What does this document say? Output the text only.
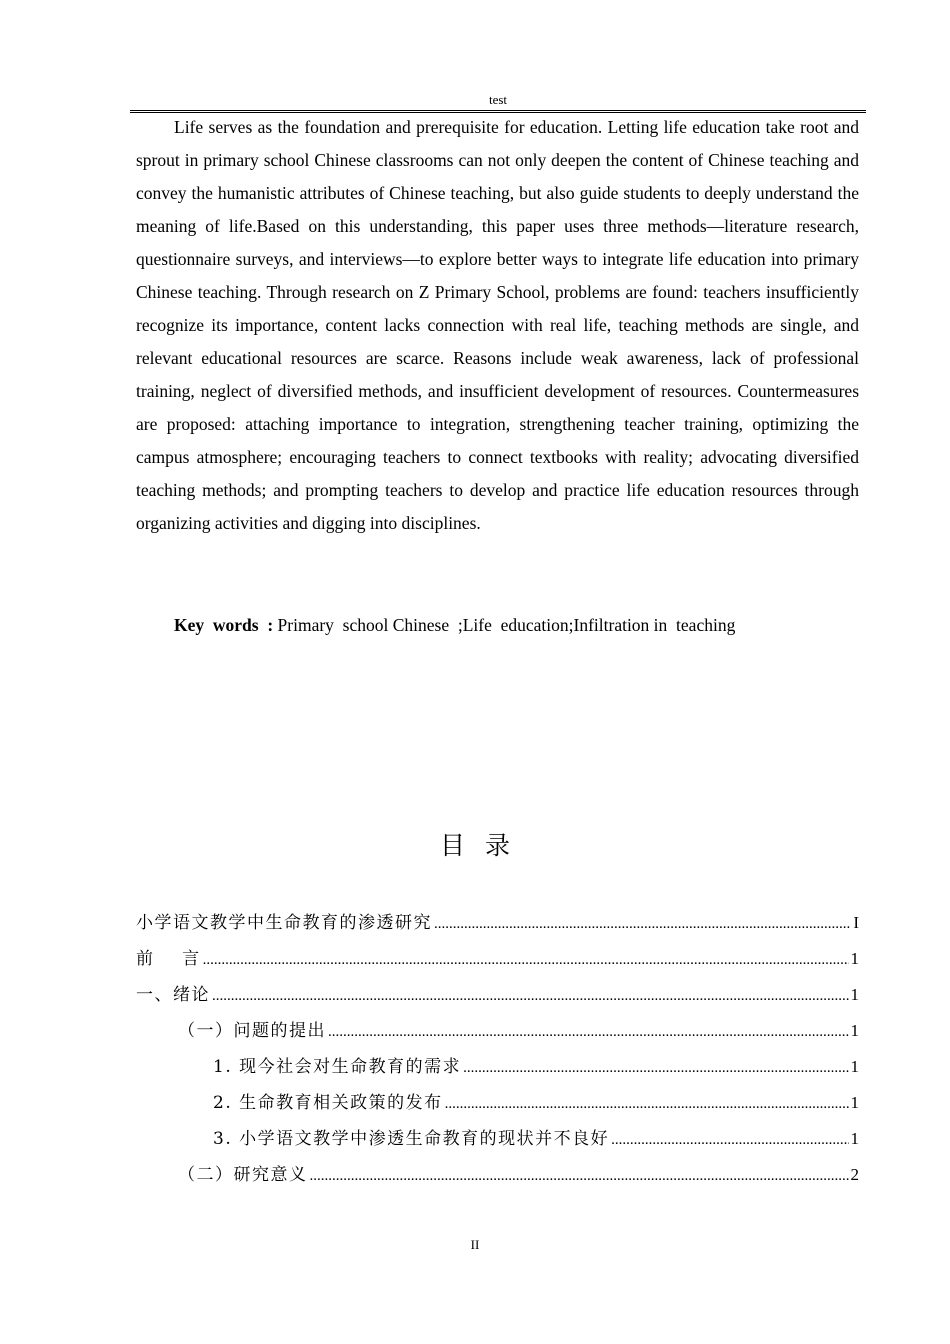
test

Life serves as the foundation and prerequisite for education. Letting life education take root and sprout in primary school Chinese classrooms can not only deepen the content of Chinese teaching and convey the humanistic attributes of Chinese teaching, but also guide students to deeply understand the meaning of life.Based on this understanding, this paper uses three methods—literature research, questionnaire surveys, and interviews—to explore better ways to integrate life education into primary Chinese teaching. Through research on Z Primary School, problems are found: teachers insufficiently recognize its importance, content lacks connection with real life, teaching methods are single, and relevant educational resources are scarce. Reasons include weak awareness, lack of professional training, neglect of diversified methods, and insufficient development of resources. Countermeasures are proposed: attaching importance to integration, strengthening teacher training, optimizing the campus atmosphere; encouraging teachers to connect textbooks with reality; advocating diversified teaching methods; and prompting teachers to develop and practice life education resources through organizing activities and digging into disciplines.

Key  words  : Primary  school Chinese  ;Life  education;Infiltration in  teaching
目录
小学语文教学中生命教育的渗透研究 .....	I
前    言 .....	1
一、绪论 .....	1
（一）问题的提出 .....	1
1. 现今社会对生命教育的需求 .....	1
2. 生命教育相关政策的发布 .....	1
3. 小学语文教学中渗透生命教育的现状并不良好 .....	1
（二）研究意义 .....	2
II
